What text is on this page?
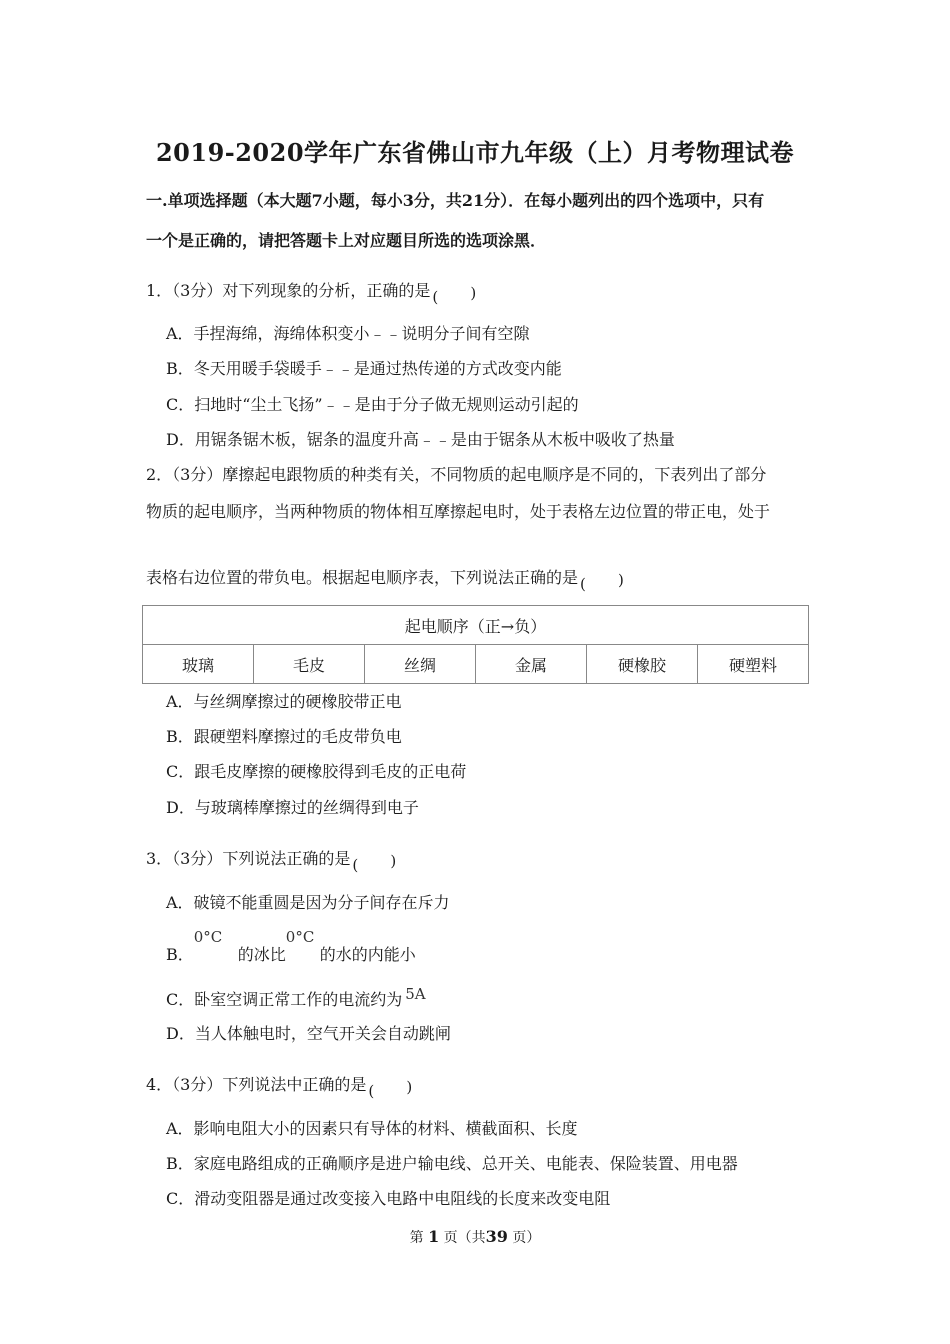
2019-2020学年广东省佛山市九年级（上）月考物理试卷
一.单项选择题（本大题7小题，每小3分，共21分）．在每小题列出的四个选项中，只有
一个是正确的，请把答题卡上对应题目所选的选项涂黑．
1．（3分）对下列现象的分析，正确的是 ( )
A．手捏海绵，海绵体积变小﹣﹣说明分子间有空隙
B．冬天用暖手袋暖手﹣﹣是通过热传递的方式改变内能
C．扫地时“尘土飞扬”﹣﹣是由于分子做无规则运动引起的
D．用锯条锯木板，锯条的温度升高﹣﹣是由于锯条从木板中吸收了热量
2．（3分）摩擦起电跟物质的种类有关，不同物质的起电顺序是不同的，下表列出了部分
物质的起电顺序，当两种物质的物体相互摩擦起电时，处于表格左边位置的带正电，处于
表格右边位置的带负电。根据起电顺序表，下列说法正确的是 ( )
起电顺序（正→负）
玻璃	毛皮	丝绸	金属	硬橡胶	硬塑料
A．与丝绸摩擦过的硬橡胶带正电
B．跟硬塑料摩擦过的毛皮带负电
C．跟毛皮摩擦的硬橡胶得到毛皮的正电荷
D．与玻璃棒摩擦过的丝绸得到电子
3．（3分）下列说法正确的是 ( )
A．破镜不能重圆是因为分子间存在斥力
B．
0°C
的冰比
0°C
的水的内能小
C．卧室空调正常工作的电流约为 5A
D．当人体触电时，空气开关会自动跳闸
4．（3分）下列说法中正确的是 ( )
A．影响电阻大小的因素只有导体的材料、横截面积、长度
B．家庭电路组成的正确顺序是进户输电线、总开关、电能表、保险装置、用电器
C．滑动变阻器是通过改变接入电路中电阻线的长度来改变电阻
第 1 页（共39 页）
